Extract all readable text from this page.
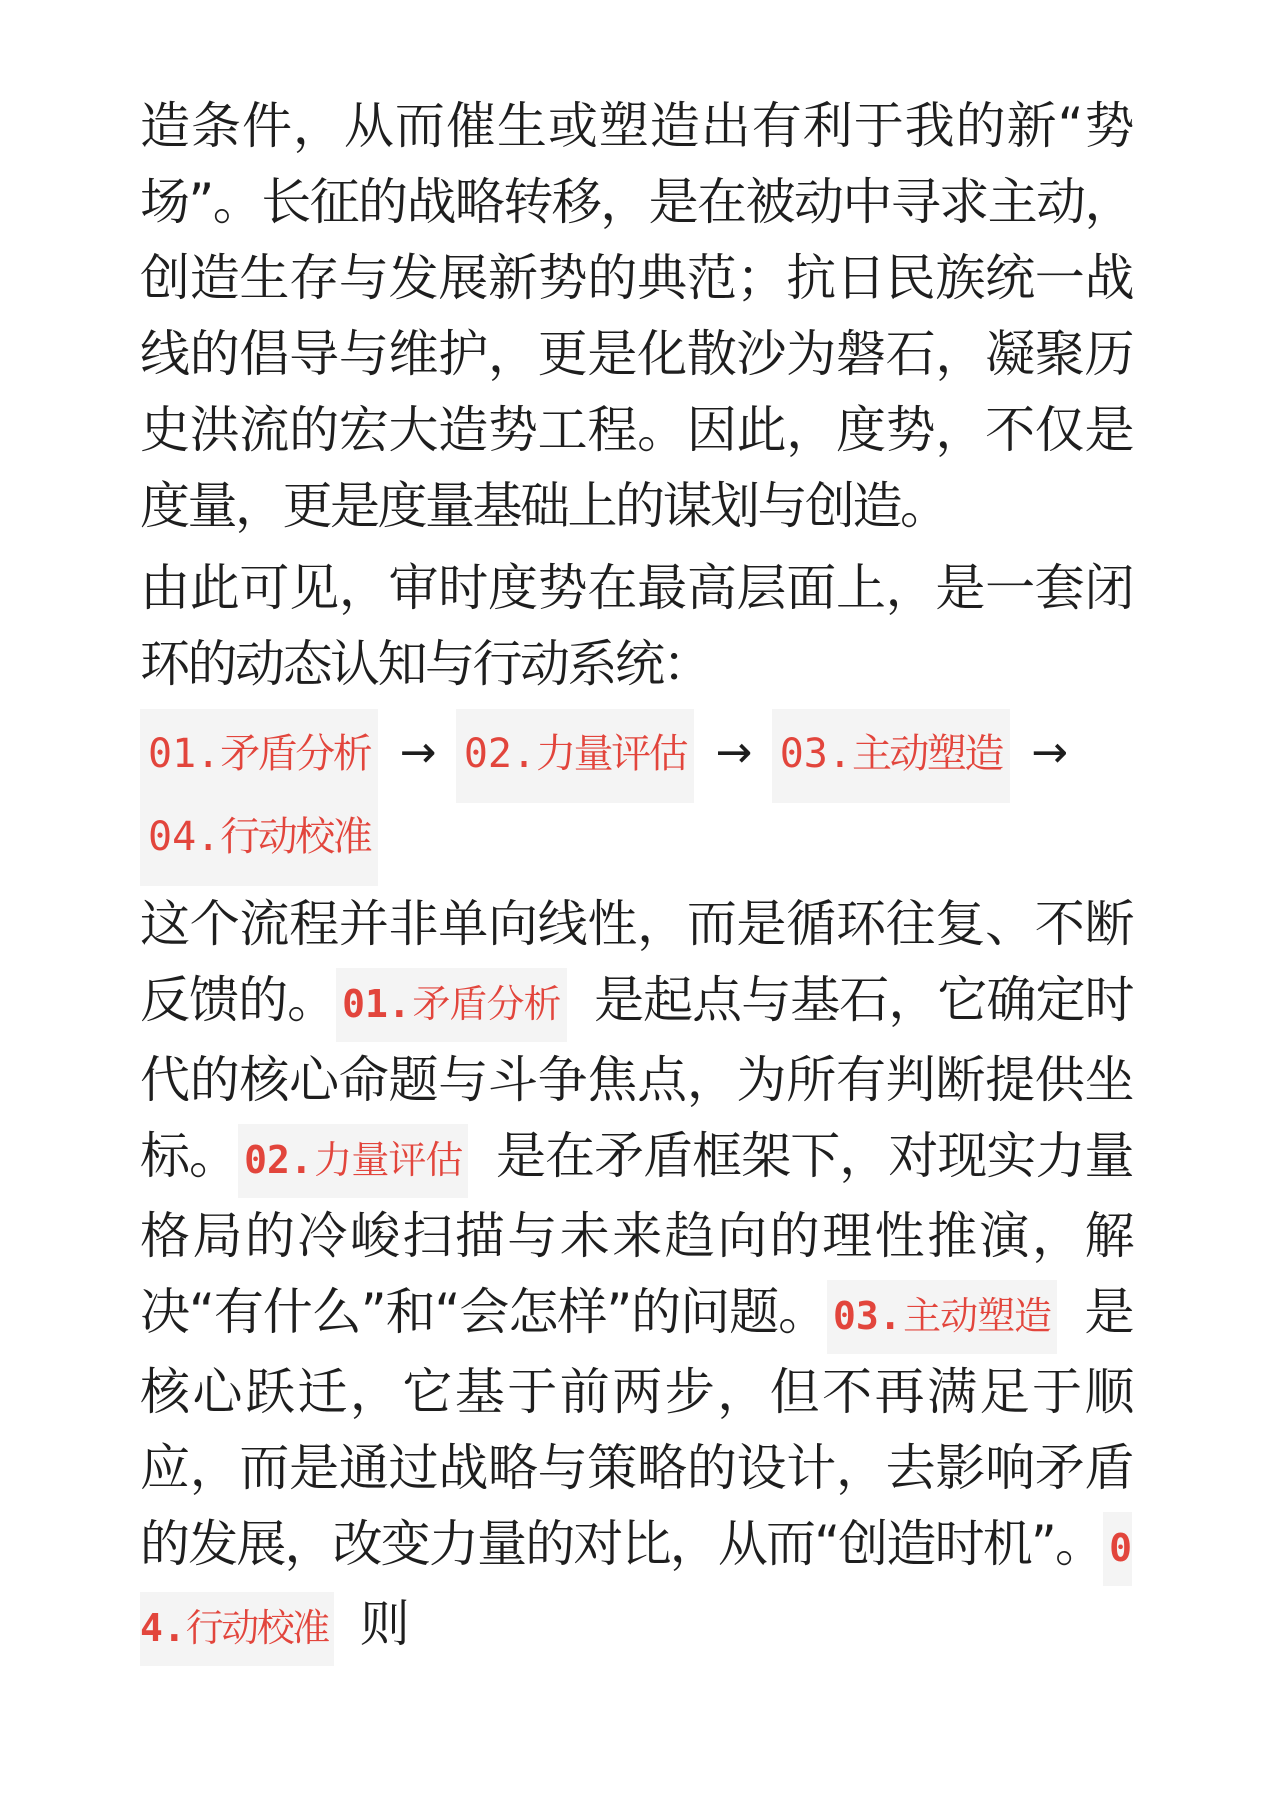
造条件，从而催生或塑造出有利于我的新“势场”。长征的战略转移，是在被动中寻求主动，创造生存与发展新势的典范；抗日民族统一战线的倡导与维护，更是化散沙为磐石，凝聚历史洪流的宏大造势工程。因此，度势，不仅是度量，更是度量基础上的谋划与创造。

由此可见，审时度势在最高层面上，是一套闭环的动态认知与行动系统：

01.矛盾分析 → 02.力量评估 → 03.主动塑造 → 04.行动校准

这个流程并非单向线性，而是循环往复、不断反馈的。 01.矛盾分析 是起点与基石，它确定时代的核心命题与斗争焦点，为所有判断提供坐标。 02.力量评估 是在矛盾框架下，对现实力量格局的冷峻扫描与未来趋向的理性推演，解决“有什么”和“会怎样”的问题。 03.主动塑造 是核心跃迁，它基于前两步，但不再满足于顺应，而是通过战略与策略的设计，去影响矛盾的发展，改变力量的对比，从而“创造时机”。 04.行动校准 则
